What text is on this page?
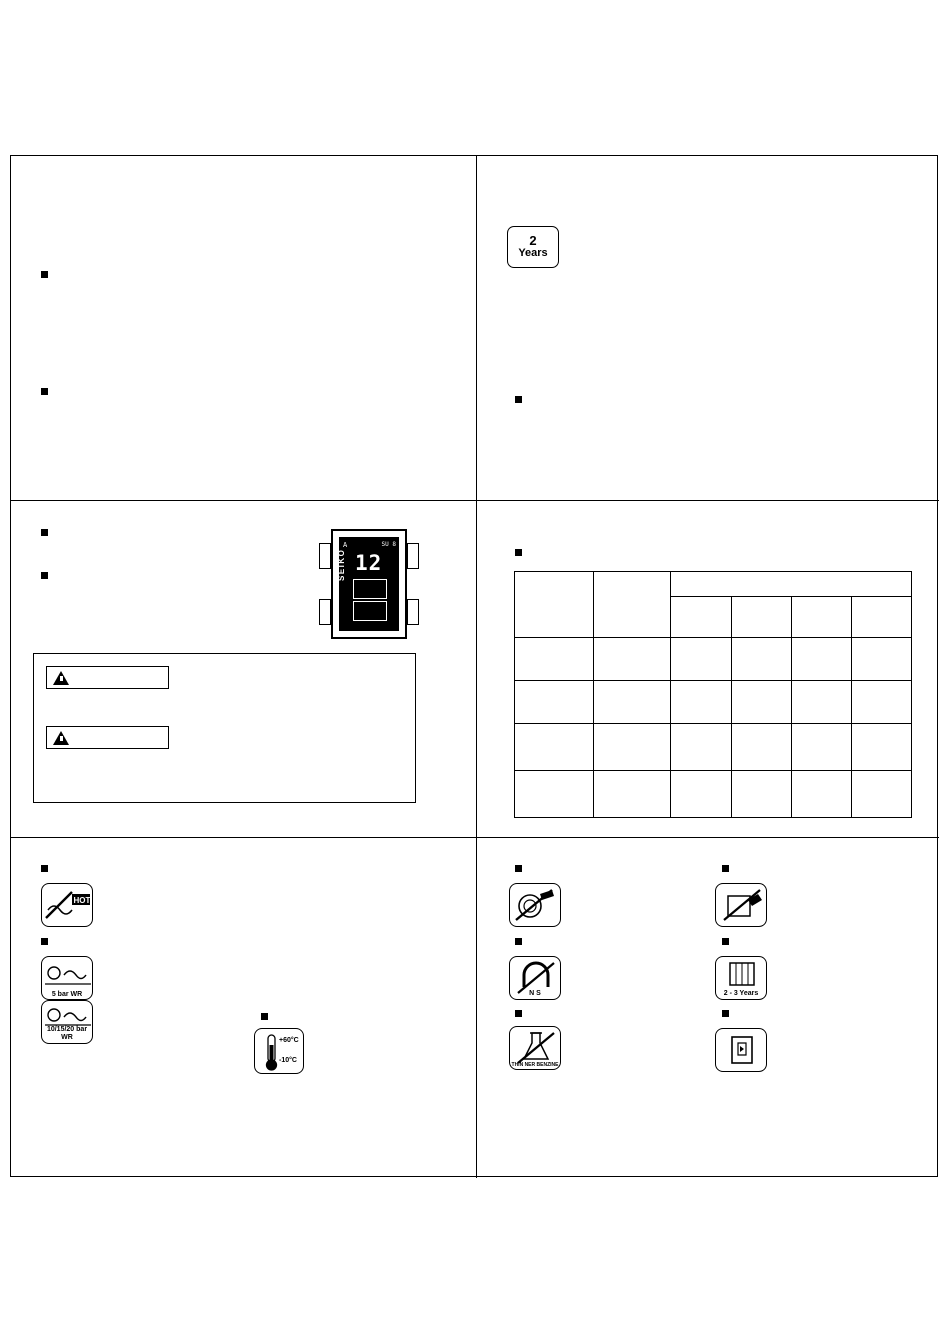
2
Years
A	SU 8
12
SEIKO

HOT
5 bar WR
10/15/20 bar WR	+60°C
-10°C
N S
THIN NER BENZINE
2 - 3 Years
